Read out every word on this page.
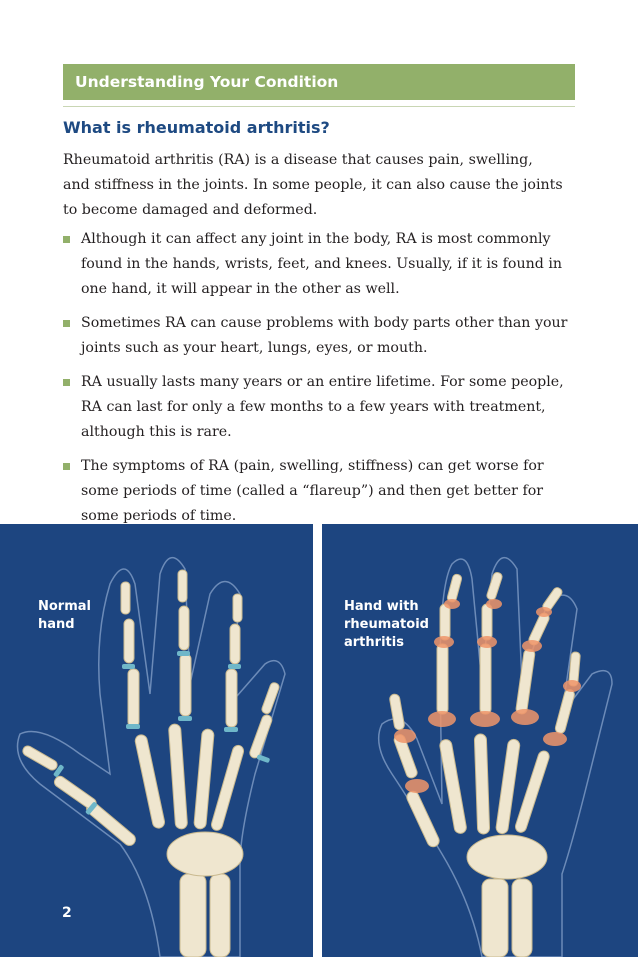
Understanding Your Condition
What is rheumatoid arthritis?

Rheumatoid arthritis (RA) is a disease that causes pain, swelling, and stiffness in the joints. In some people, it can also cause the joints to become damaged and deformed.

Although it can affect any joint in the body, RA is most commonly found in the hands, wrists, feet, and knees. Usually, if it is found in one hand, it will appear in the other as well.
Sometimes RA can cause problems with body parts other than your joints such as your heart, lungs, eyes, or mouth.
RA usually lasts many years or an entire lifetime. For some people, RA can last for only a few months to a few years with treatment, although this is rare.
The symptoms of RA (pain, swelling, stiffness) can get worse for some periods of time (called a “flareup”) and then get better for some periods of time.
Normal
hand
2
Hand with
rheumatoid
arthritis
